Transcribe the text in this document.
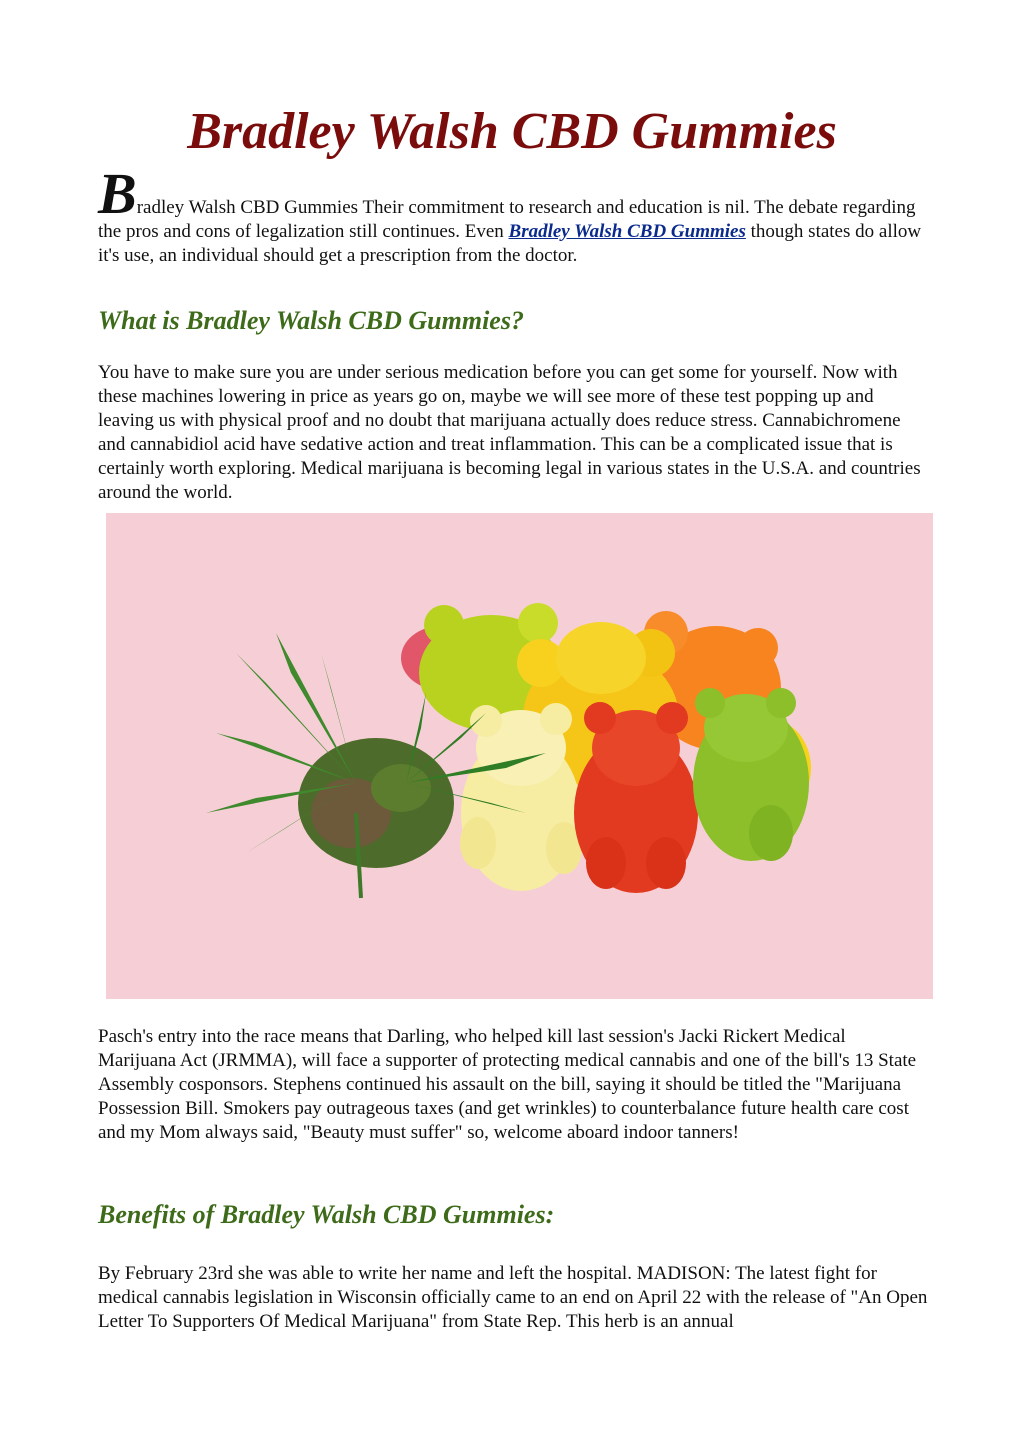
Bradley Walsh CBD Gummies

Bradley Walsh CBD Gummies Their commitment to research and education is nil. The debate regarding the pros and cons of legalization still continues. Even Bradley Walsh CBD Gummies though states do allow it's use, an individual should get a prescription from the doctor.

What is Bradley Walsh CBD Gummies?

You have to make sure you are under serious medication before you can get some for yourself. Now with these machines lowering in price as years go on, maybe we will see more of these test popping up and leaving us with physical proof and no doubt that marijuana actually does reduce stress. Cannabichromene and cannabidiol acid have sedative action and treat inflammation. This can be a complicated issue that is certainly worth exploring. Medical marijuana is becoming legal in various states in the U.S.A. and countries around the world.

Pasch's entry into the race means that Darling, who helped kill last session's Jacki Rickert Medical Marijuana Act (JRMMA), will face a supporter of protecting medical cannabis and one of the bill's 13 State Assembly cosponsors. Stephens continued his assault on the bill, saying it should be titled the "Marijuana Possession Bill. Smokers pay outrageous taxes (and get wrinkles) to counterbalance future health care cost and my Mom always said, "Beauty must suffer" so, welcome aboard indoor tanners!

Benefits of Bradley Walsh CBD Gummies:

By February 23rd she was able to write her name and left the hospital. MADISON: The latest fight for medical cannabis legislation in Wisconsin officially came to an end on April 22 with the release of "An Open Letter To Supporters Of Medical Marijuana" from State Rep. This herb is an annual
